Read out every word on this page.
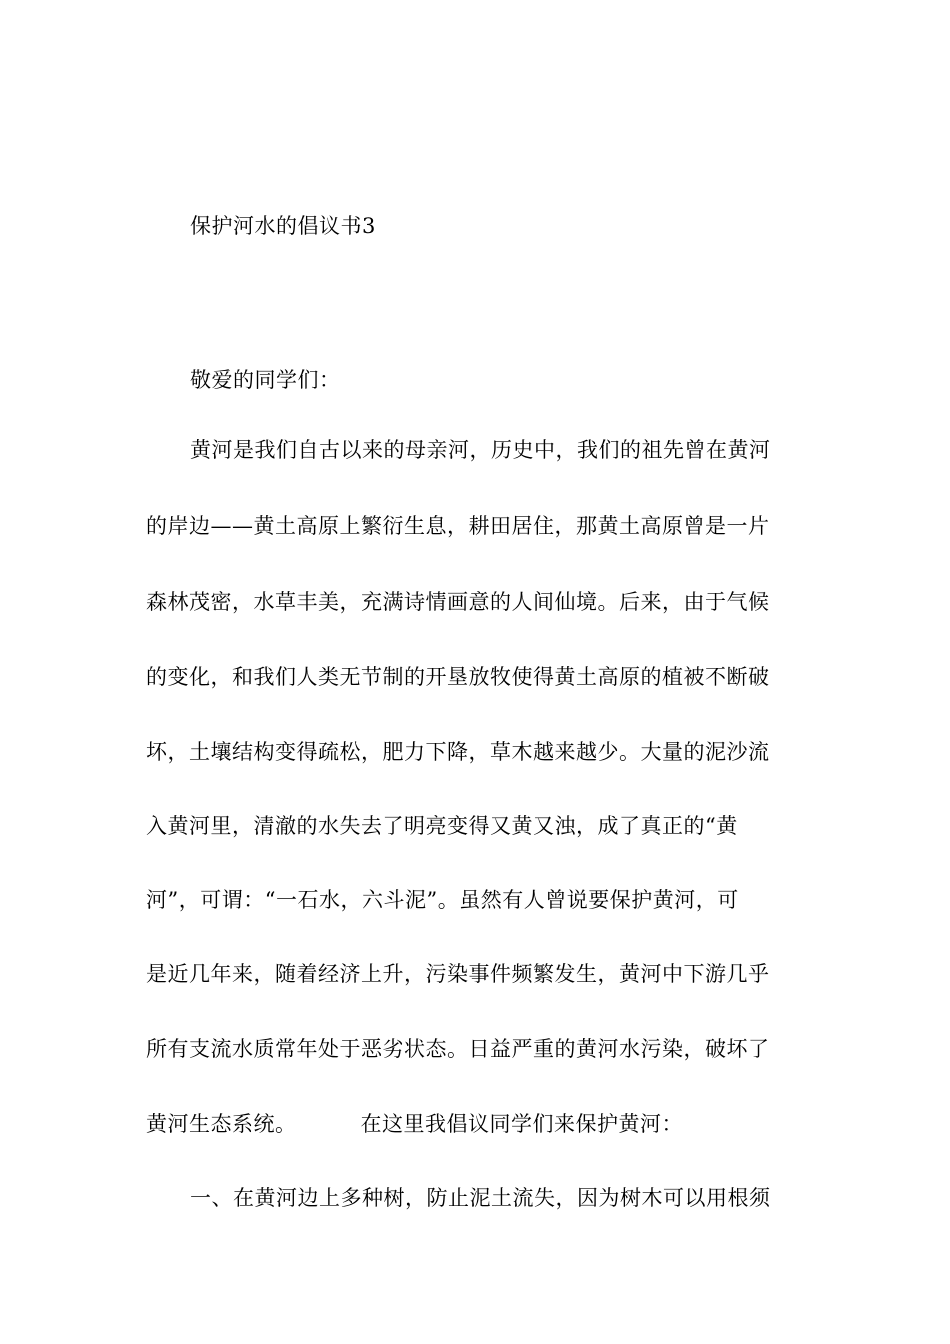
保护河水的倡议书3
敬爱的同学们：
黄河是我们自古以来的母亲河，历史中，我们的祖先曾在黄河
的岸边——黄土高原上繁衍生息，耕田居住，那黄土高原曾是一片
森林茂密，水草丰美，充满诗情画意的人间仙境。后来，由于气候
的变化，和我们人类无节制的开垦放牧使得黄土高原的植被不断破
坏，土壤结构变得疏松，肥力下降，草木越来越少。大量的泥沙流
入黄河里，清澈的水失去了明亮变得又黄又浊，成了真正的“黄
河”，可谓：“一石水，六斗泥”。虽然有人曾说要保护黄河，可
是近几年来，随着经济上升，污染事件频繁发生，黄河中下游几乎
所有支流水质常年处于恶劣状态。日益严重的黄河水污染，破坏了
黄河生态系统。	在这里我倡议同学们来保护黄河：
一、在黄河边上多种树，防止泥土流失，因为树木可以用根须
